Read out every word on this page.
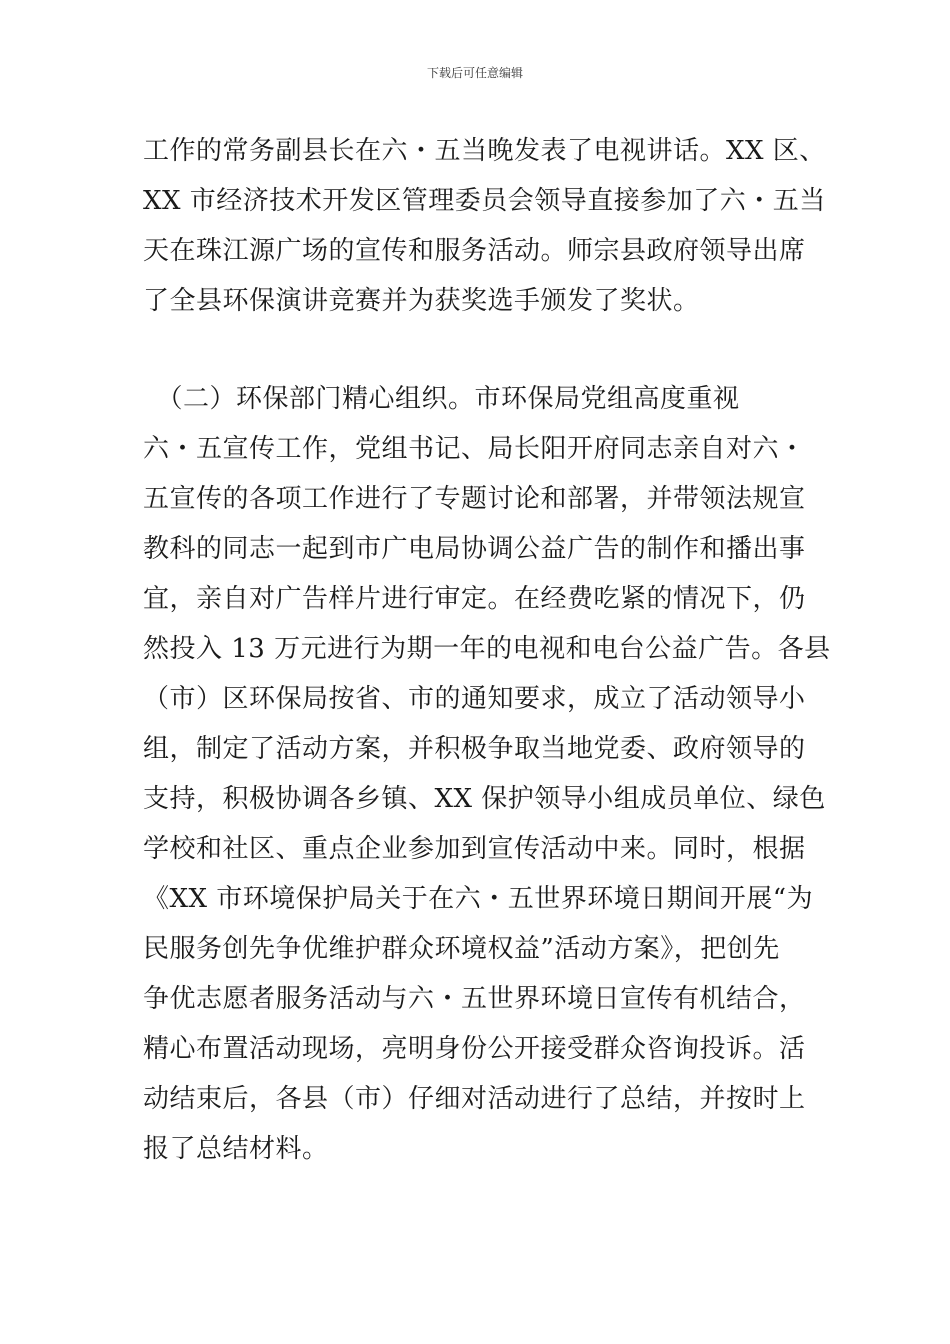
下载后可任意编辑
工作的常务副县长在六・五当晚发表了电视讲话。XX 区、
XX 市经济技术开发区管理委员会领导直接参加了六・五当
天在珠江源广场的宣传和服务活动。师宗县政府领导出席
了全县环保演讲竞赛并为获奖选手颁发了奖状。
　（二）环保部门精心组织。市环保局党组高度重视
六・五宣传工作，党组书记、局长阳开府同志亲自对六・
五宣传的各项工作进行了专题讨论和部署，并带领法规宣
教科的同志一起到市广电局协调公益广告的制作和播出事
宜，亲自对广告样片进行审定。在经费吃紧的情况下，仍
然投入 13 万元进行为期一年的电视和电台公益广告。各县
（市）区环保局按省、市的通知要求，成立了活动领导小
组，制定了活动方案，并积极争取当地党委、政府领导的
支持，积极协调各乡镇、XX 保护领导小组成员单位、绿色
学校和社区、重点企业参加到宣传活动中来。同时，根据
《XX 市环境保护局关于在六・五世界环境日期间开展“为
民服务创先争优维护群众环境权益”活动方案》，把创先
争优志愿者服务活动与六・五世界环境日宣传有机结合，
精心布置活动现场，亮明身份公开接受群众咨询投诉。活
动结束后，各县（市）仔细对活动进行了总结，并按时上
报了总结材料。
